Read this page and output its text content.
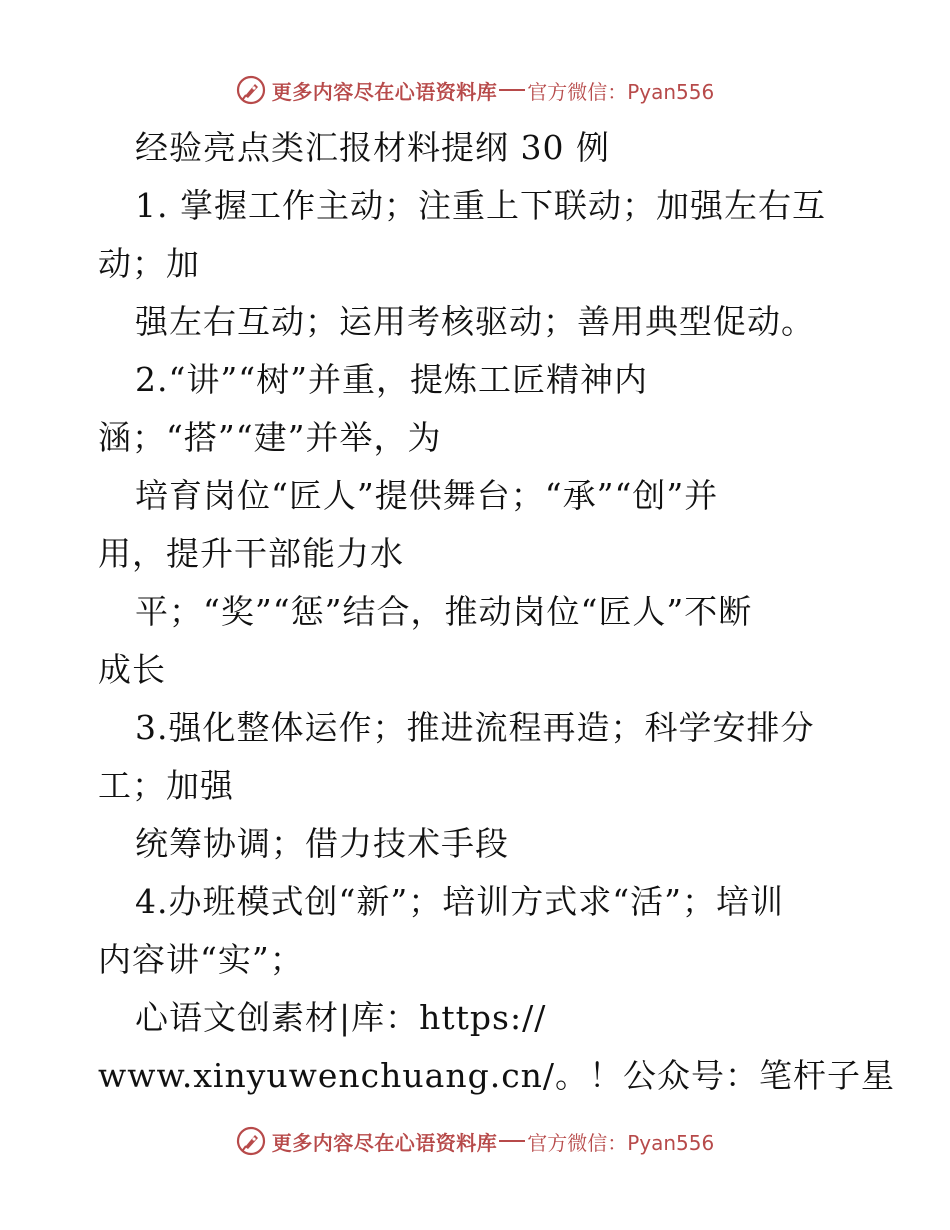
更多内容尽在心语资料库 官方微信：Pyan556
经验亮点类汇报材料提纲 30 例
1. 掌握工作主动；注重上下联动；加强左右互
动；加
强左右互动；运用考核驱动；善用典型促动。
2.“讲”“树”并重，提炼工匠精神内
涵；“搭”“建”并举，为
培育岗位“匠人”提供舞台；“承”“创”并
用，提升干部能力水
平；“奖”“惩”结合，推动岗位“匠人”不断
成长
3.强化整体运作；推进流程再造；科学安排分
工；加强
统筹协调；借力技术手段
4.办班模式创“新”；培训方式求“活”；培训
内容讲“实”；
心语文创素材|库：https://
www.xinyuwenchuang.cn/。！公众号：笔杆子星
更多内容尽在心语资料库 官方微信：Pyan556
